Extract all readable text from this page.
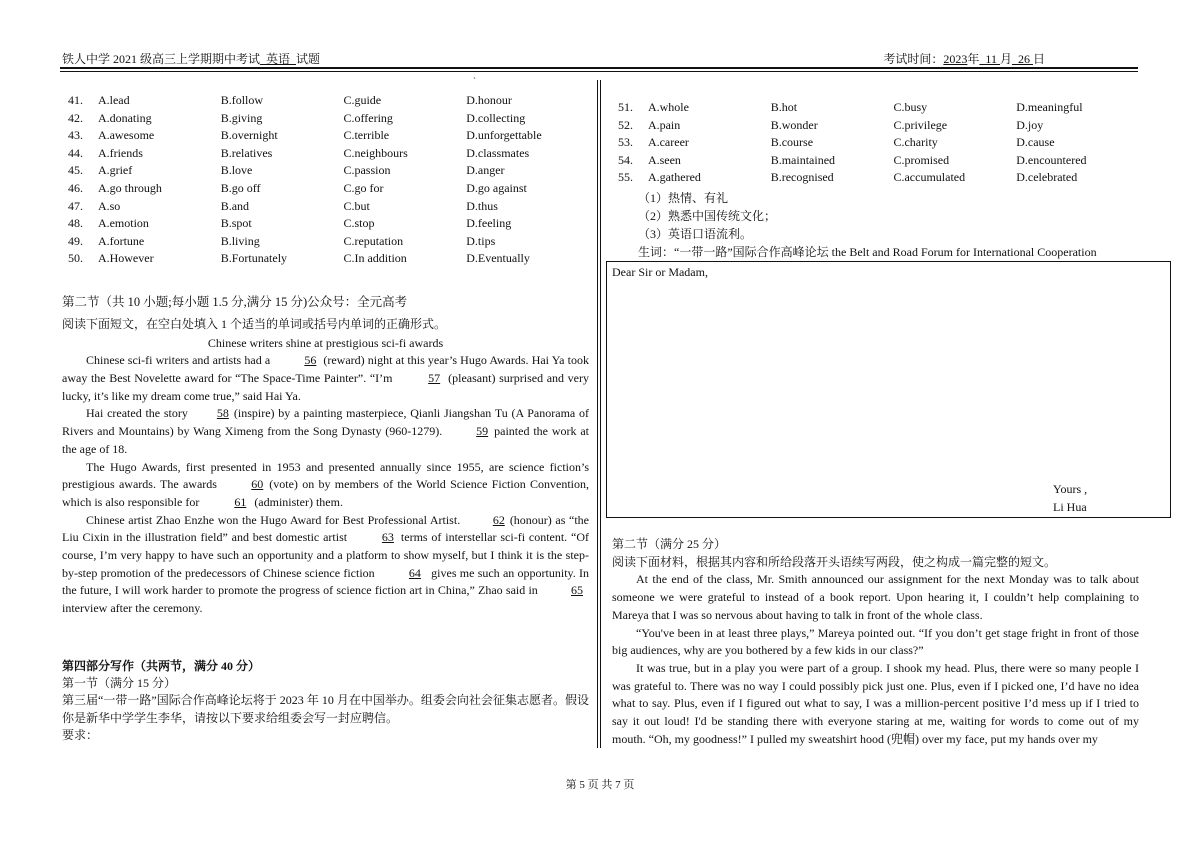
铁人中学 2021 级高三上学期期中考试 英语 试题	考试时间：2023年 11 月 26 日
`
41.	A.lead	B.follow	C.guide	D.honour
42.	A.donating	B.giving	C.offering	D.collecting
43.	A.awesome	B.overnight	C.terrible	D.unforgettable
44.	A.friends	B.relatives	C.neighbours	D.classmates
45.	A.grief	B.love	C.passion	D.anger
46.	A.go through	B.go off	C.go for	D.go against
47.	A.so	B.and	C.but	D.thus
48.	A.emotion	B.spot	C.stop	D.feeling
49.	A.fortune	B.living	C.reputation	D.tips
50.	A.However	B.Fortunately	C.In addition	D.Eventually
第二节（共 10 小题;每小题 1.5 分,满分 15 分)公众号：全元高考
阅读下面短文，在空白处填入 1 个适当的单词或括号内单词的正确形式。
Chinese writers shine at prestigious sci-fi awards
Chinese sci-fi writers and artists had a	56 (reward) night at this year’s Hugo Awards. Hai Ya took away the Best Novelette award for “The Space-Time Painter”. “I’m	57 (pleasant) surprised and very lucky, it’s like my dream come true,” said Hai Ya.
Hai created the story 58 (inspire) by a painting masterpiece, Qianli Jiangshan Tu (A Panorama of Rivers and Mountains) by Wang Ximeng from the Song Dynasty (960-1279).	59 painted the work at the age of 18.
The Hugo Awards, first presented in 1953 and presented annually since 1955, are science fiction’s prestigious awards. The awards	60 (vote) on by members of the World Science Fiction Convention, which is also responsible for	61 (administer) them.
Chinese artist Zhao Enzhe won the Hugo Award for Best Professional Artist. 62 (honour) as “the Liu Cixin in the illustration field” and best domestic artist	63 terms of interstellar sci-fi content. “Of course, I’m very happy to have such an opportunity and a platform to show myself, but I think it is the step-by-step promotion of the predecessors of Chinese science fiction	64 gives me such an opportunity. In the future, I will work harder to promote the progress of science fiction art in China,” Zhao said in	65 interview after the ceremony.
第四部分写作（共两节，满分 40 分）
第一节（满分 15 分）
第三届“一带一路”国际合作高峰论坛将于 2023 年 10 月在中国举办。组委会向社会征集志愿者。假设你是新华中学学生李华，请按以下要求给组委会写一封应聘信。
要求：
51.	A.whole	B.hot	C.busy	D.meaningful
52.	A.pain	B.wonder	C.privilege	D.joy
53.	A.career	B.course	C.charity	D.cause
54.	A.seen	B.maintained	C.promised	D.encountered
55.	A.gathered	B.recognised	C.accumulated	D.celebrated
（1）热情、有礼
（2）熟悉中国传统文化；
（3）英语口语流利。
生词：“一带一路”国际合作高峰论坛 the Belt and Road Forum for International Cooperation
Dear Sir or Madam,
Yours ,
Li Hua
第二节（满分 25 分）
阅读下面材料，根据其内容和所给段落开头语续写两段，使之构成一篇完整的短文。
At the end of the class, Mr. Smith announced our assignment for the next Monday was to talk about someone we were grateful to instead of a book report. Upon hearing it, I couldn’t help complaining to Mareya that I was so nervous about having to talk in front of the whole class.
“You've been in at least three plays,” Mareya pointed out. “If you don’t get stage fright in front of those big audiences, why are you bothered by a few kids in our class?”
It was true, but in a play you were part of a group. I shook my head. Plus, there were so many people I was grateful to. There was no way I could possibly pick just one. Plus, even if I picked one, I’d have no idea what to say. Plus, even if I figured out what to say, I was a million-percent positive I’d mess up if I tried to say it out loud! I'd be standing there with everyone staring at me, waiting for words to come out of my mouth. “Oh, my goodness!” I pulled my sweatshirt hood (兜帽) over my face, put my hands over my
第 5 页 共 7 页
